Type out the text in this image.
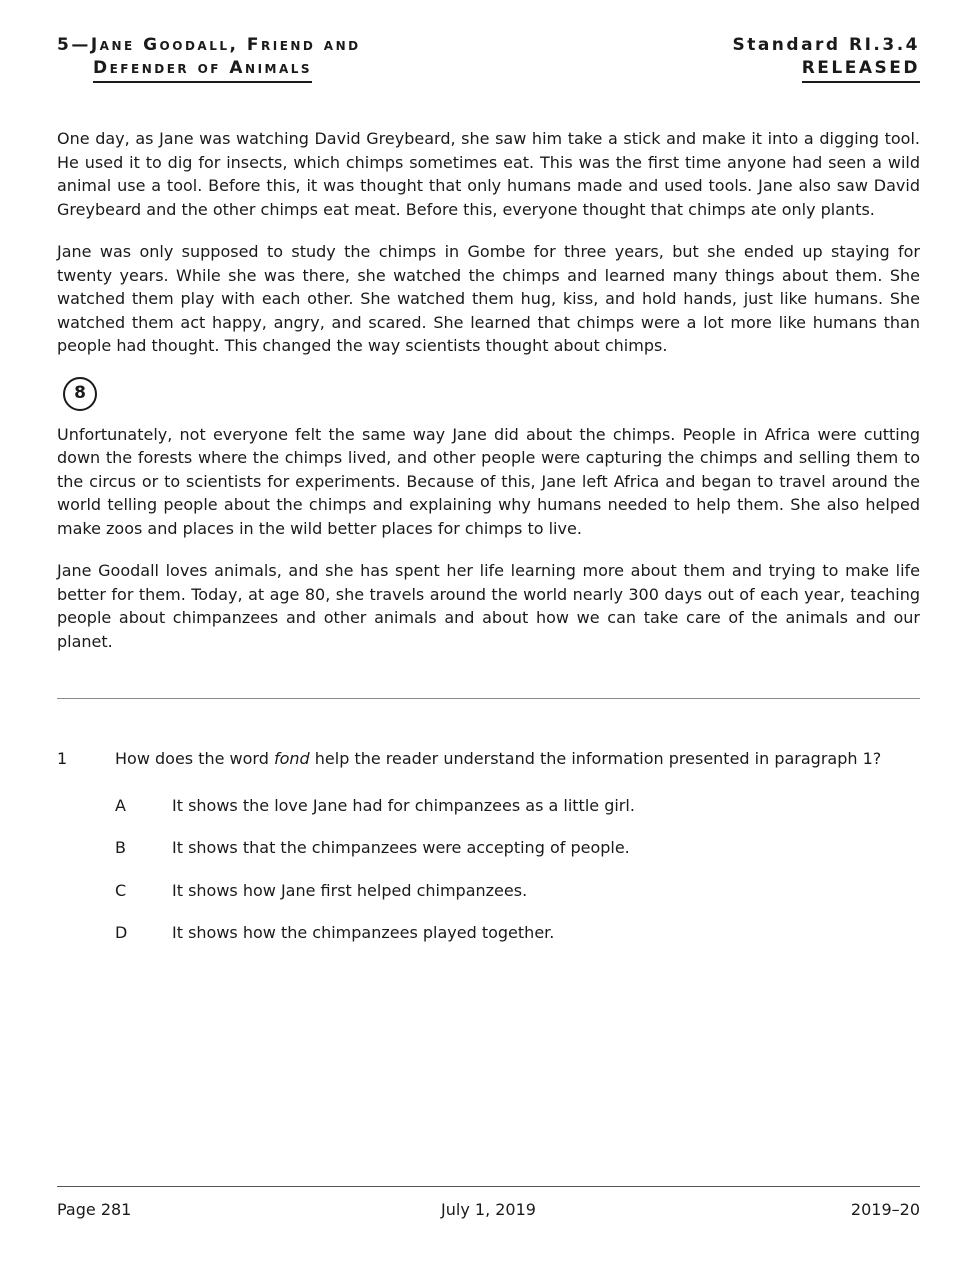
5—Jane Goodall, Friend and
Defender of Animals
Standard RI.3.4
RELEASED

One day, as Jane was watching David Greybeard, she saw him take a stick and make it into a digging tool. He used it to dig for insects, which chimps sometimes eat. This was the first time anyone had seen a wild animal use a tool. Before this, it was thought that only humans made and used tools. Jane also saw David Greybeard and the other chimps eat meat. Before this, everyone thought that chimps ate only plants.

Jane was only supposed to study the chimps in Gombe for three years, but she ended up staying for twenty years. While she was there, she watched the chimps and learned many things about them. She watched them play with each other. She watched them hug, kiss, and hold hands, just like humans. She watched them act happy, angry, and scared. She learned that chimps were a lot more like humans than people had thought. This changed the way scientists thought about chimps.

8

Unfortunately, not everyone felt the same way Jane did about the chimps. People in Africa were cutting down the forests where the chimps lived, and other people were capturing the chimps and selling them to the circus or to scientists for experiments. Because of this, Jane left Africa and began to travel around the world telling people about the chimps and explaining why humans needed to help them. She also helped make zoos and places in the wild better places for chimps to live.

Jane Goodall loves animals, and she has spent her life learning more about them and trying to make life better for them. Today, at age 80, she travels around the world nearly 300 days out of each year, teaching people about chimpanzees and other animals and about how we can take care of the animals and our planet.

1	How does the word fond help the reader understand the information presented in paragraph 1?
A	It shows the love Jane had for chimpanzees as a little girl.
B	It shows that the chimpanzees were accepting of people.
C	It shows how Jane first helped chimpanzees.
D	It shows how the chimpanzees played together.
July 1, 2019
Page 281	2019–20
